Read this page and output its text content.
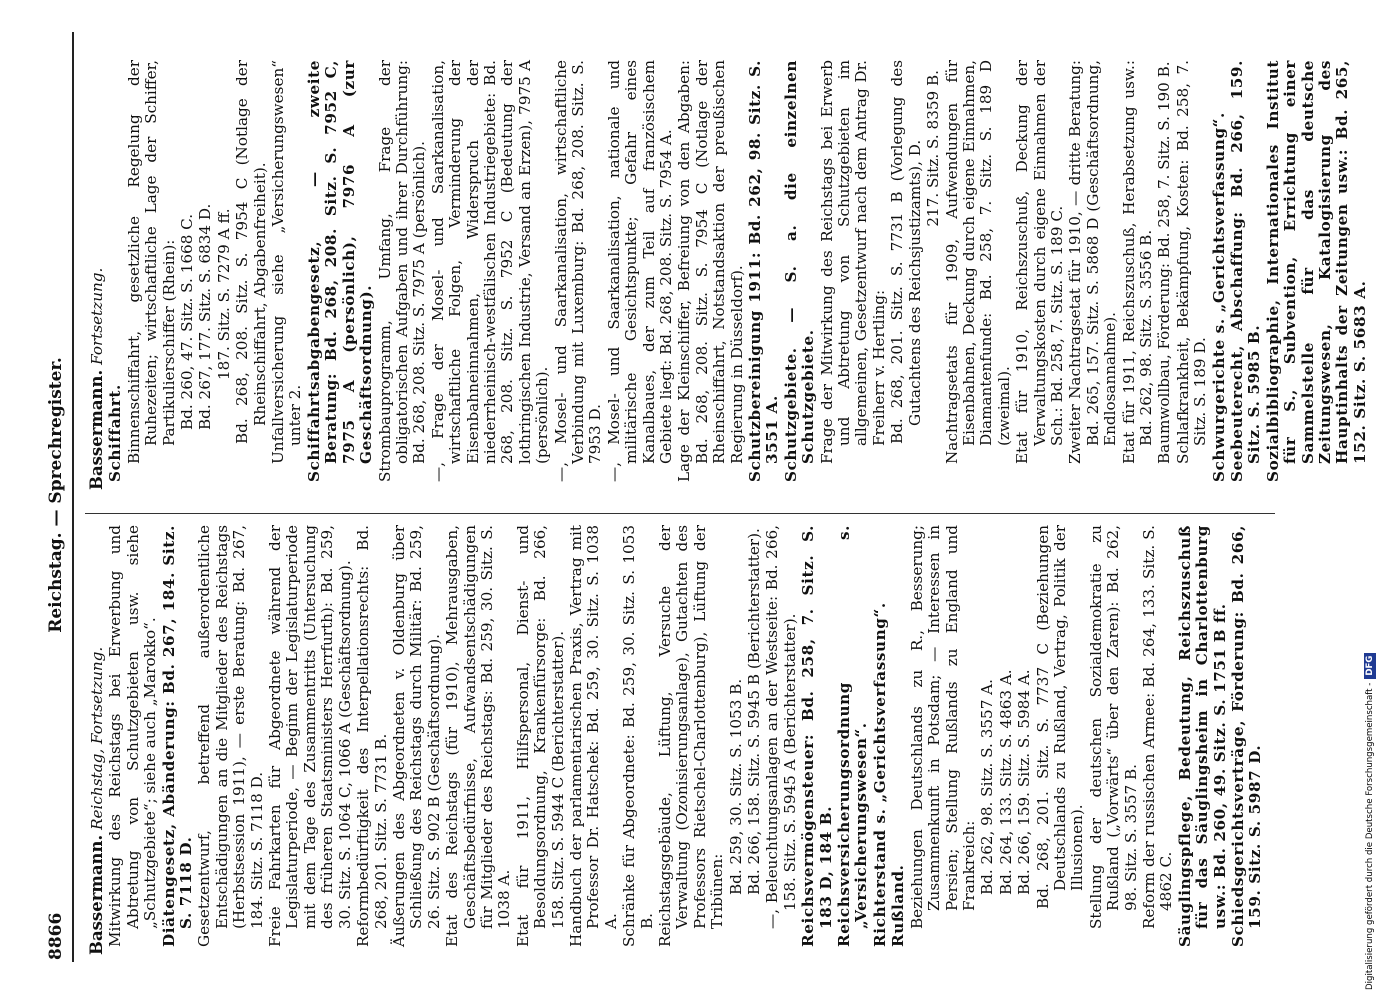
8866
Reichstag. — Sprechregister.

Bassermann. Reichstag, Fortsetzung. Mitwirkung des Reichstags bei Erwerbung und Abtretung von Schutzgebieten usw. siehe „Schutzgebiete“; siehe auch „Marokko“. Diätengesetz, Abänderung: Bd. 267, 184. Sitz. S. 7118 D. Gesetzentwurf, betreffend außerordentliche Entschädigungen an die Mitglieder des Reichstags (Herbstsession 1911), — erste Beratung: Bd. 267, 184. Sitz. S. 7118 D. Freie Fahrkarten für Abgeordnete während der Legislaturperiode, — Beginn der Legislaturperiode mit dem Tage des Zusammentritts (Untersuchung des früheren Staatsministers Herrfurth): Bd. 259, 30. Sitz. S. 1064 C, 1066 A (Geschäftsordnung). Reformbedürftigkeit des Interpellationsrechts: Bd. 268, 201. Sitz. S. 7731 B. Äußerungen des Abgeordneten v. Oldenburg über Schließung des Reichstags durch Militär: Bd. 259, 26. Sitz. S. 902 B (Geschäftsordnung). Etat des Reichstags (für 1910), Mehrausgaben, Geschäftsbedürfnisse, Aufwandsentschädigungen für Mitglieder des Reichstags: Bd. 259, 30. Sitz. S. 1038 A. Etat für 1911, Hilfspersonal, Dienst- und Besoldungsordnung, Krankenfürsorge: Bd. 266, 158. Sitz. S. 5944 C (Berichterstatter). Handbuch der parlamentarischen Praxis, Vertrag mit Professor Dr. Hatschek: Bd. 259, 30. Sitz. S. 1038 A. Schränke für Abgeordnete: Bd. 259, 30. Sitz. S. 1053 B. Reichstagsgebäude, Lüftung, Versuche der Verwaltung (Ozonisierungsanlage), Gutachten des Professors Rietschel-Charlottenburg), Lüftung der Tribünen: Bd. 259, 30. Sitz. S. 1053 B. Bd. 266, 158. Sitz. S. 5945 B (Berichterstatter). —, Beleuchtungsanlagen an der Westseite: Bd. 266, 158. Sitz. S. 5945 A (Berichterstatter). Reichsvermögensteuer: Bd. 258, 7. Sitz. S. 183 D, 184 B. Reichsversicherungsordnung s. „Versicherungswesen“. Richterstand s. „Gerichtsverfassung“. Rußland. Beziehungen Deutschlands zu R., Besserung; Zusammenkunft in Potsdam; — Interessen in Persien; Stellung Rußlands zu England und Frankreich: Bd. 262, 98. Sitz. S. 3557 A. Bd. 264, 133. Sitz. S. 4863 A. Bd. 266, 159. Sitz. S. 5984 A. Bd. 268, 201. Sitz. S. 7737 C (Beziehungen Deutschlands zu Rußland, Vertrag, Politik der Illusionen). Stellung der deutschen Sozialdemokratie zu Rußland („Vorwärts“ über den Zaren): Bd. 262, 98. Sitz. S. 3557 B. Reform der russischen Armee: Bd. 264, 133. Sitz. S. 4862 C. Säuglingspflege, Bedeutung, Reichszuschuß für das Säuglingsheim in Charlottenburg usw.: Bd. 260, 49. Sitz. S. 1751 B ff. Schiedsgerichtsverträge, Förderung: Bd. 266, 159. Sitz. S. 5987 D.

Bassermann. Fortsetzung.

Schiffahrt. Binnenschiffahrt, gesetzliche Regelung der Ruhezeiten; wirtschaftliche Lage der Schiffer, Partikulierschiffer (Rhein): Bd. 260, 47. Sitz. S. 1668 C. Bd. 267, 177. Sitz. S. 6834 D. 187. Sitz. S. 7279 A ff. Bd. 268, 208. Sitz. S. 7954 C (Notlage der Rheinschiffahrt, Abgabenfreiheit). Unfallversicherung siehe „Versicherungswesen“ unter 2. Schiffahrtsabgabengesetz, — zweite Beratung: Bd. 268, 208. Sitz. S. 7952 C, 7975 A (persönlich), 7976 A (zur Geschäftsordnung). Strombauprogramm, Umfang, Frage der obligatorischen Aufgaben und ihrer Durchführung: Bd. 268, 208. Sitz. S. 7975 A (persönlich). —, Frage der Mosel- und Saarkanalisation, wirtschaftliche Folgen, Verminderung der Eisenbahneinnahmen, Widerspruch der niederrheinisch-westfälischen Industriegebiete: Bd. 268, 208. Sitz. S. 7952 C (Bedeutung der lothringischen Industrie, Versand an Erzen), 7975 A (persönlich). —, Mosel- und Saarkanalisation, wirtschaftliche Verbindung mit Luxemburg: Bd. 268, 208. Sitz. S. 7953 D. —, Mosel- und Saarkanalisation, nationale und militärische Gesichtspunkte; Gefahr eines Kanalbaues, der zum Teil auf französischem Gebiete liegt: Bd. 268, 208. Sitz. S. 7954 A. Lage der Kleinschiffer, Befreiung von den Abgaben: Bd. 268, 208. Sitz. S. 7954 C (Notlage der Rheinschiffahrt, Notstandsaktion der preußischen Regierung in Düsseldorf). Schutzbereinigung 1911: Bd. 262, 98. Sitz. S. 3551 A. Schutzgebiete. — S. a. die einzelnen Schutzgebiete. Frage der Mitwirkung des Reichstags bei Erwerb und Abtretung von Schutzgebieten im allgemeinen, Gesetzentwurf nach dem Antrag Dr. Freiherr v. Hertling: Bd. 268, 201. Sitz. S. 7731 B (Vorlegung des Gutachtens des Reichsjustizamts), D. 217. Sitz. S. 8359 B. Nachtragsetats für 1909, Aufwendungen für Eisenbahnen, Deckung durch eigene Einnahmen, Diamantenfunde: Bd. 258, 7. Sitz. S. 189 D (zweimal). Etat für 1910, Reichszuschuß, Deckung der Verwaltungskosten durch eigene Einnahmen der Sch.: Bd. 258, 7. Sitz. S. 189 C. Zweiter Nachtragsetat für 1910, — dritte Beratung: Bd. 265, 157. Sitz. S. 5868 D (Geschäftsordnung, Endlosannahme). Etat für 1911, Reichszuschuß, Herabsetzung usw.: Bd. 262, 98. Sitz. S. 3556 B. Baumwollbau, Förderung: Bd. 258, 7. Sitz. S. 190 B. Schlafkrankheit, Bekämpfung, Kosten: Bd. 258, 7. Sitz. S. 189 D. Schwurgerichte s. „Gerichtsverfassung“. Seebeuterecht, Abschaffung: Bd. 266, 159. Sitz. S. 5985 B. Sozialbibliographie, Internationales Institut für S., Subvention, Errichtung einer Sammelstelle für das deutsche Zeitungswesen, Katalogisierung des Hauptinhalts der Zeitungen usw.: Bd. 265, 152. Sitz. S. 5683 A.

Digitalisierung gefördert durch die Deutsche Forschungsgemeinschaft -DFG
